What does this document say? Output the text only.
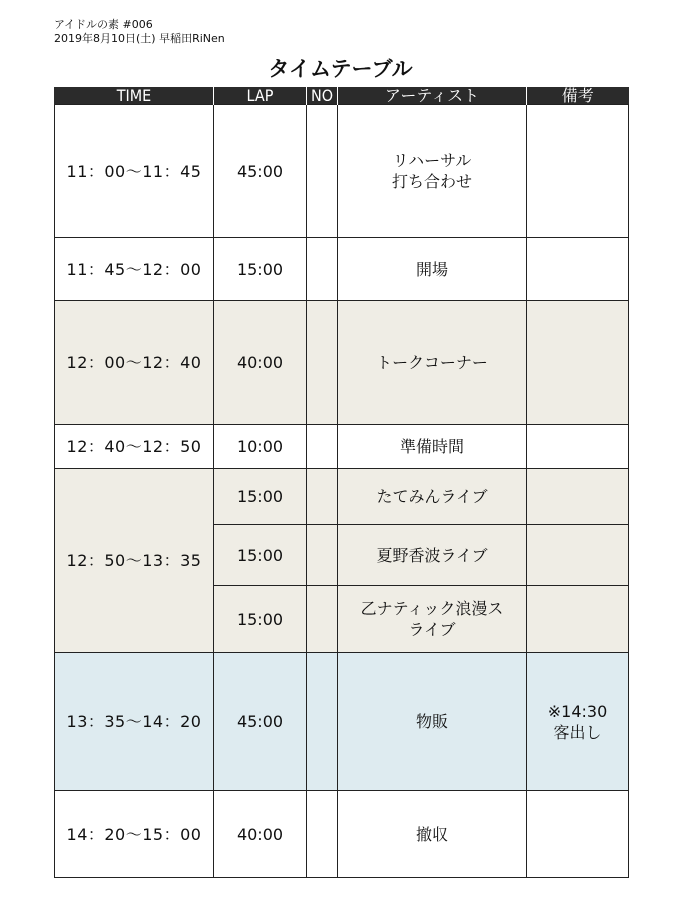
アイドルの素 #006
2019年8月10日(土) 早稲田RiNen
タイムテーブル
TIME	LAP	NO	アーティスト	備考
11：00〜11：45	45:00		リハーサル
打ち合わせ	
11：45〜12：00	15:00		開場	
12：00〜12：40	40:00		トークコーナー	
12：40〜12：50	10:00		準備時間	
12：50〜13：35	15:00		たてみんライブ	
	15:00		夏野香波ライブ	
	15:00		乙ナティック浪漫ス
ライブ	
13：35〜14：20	45:00		物販	※14:30
客出し
14：20〜15：00	40:00		撤収	
